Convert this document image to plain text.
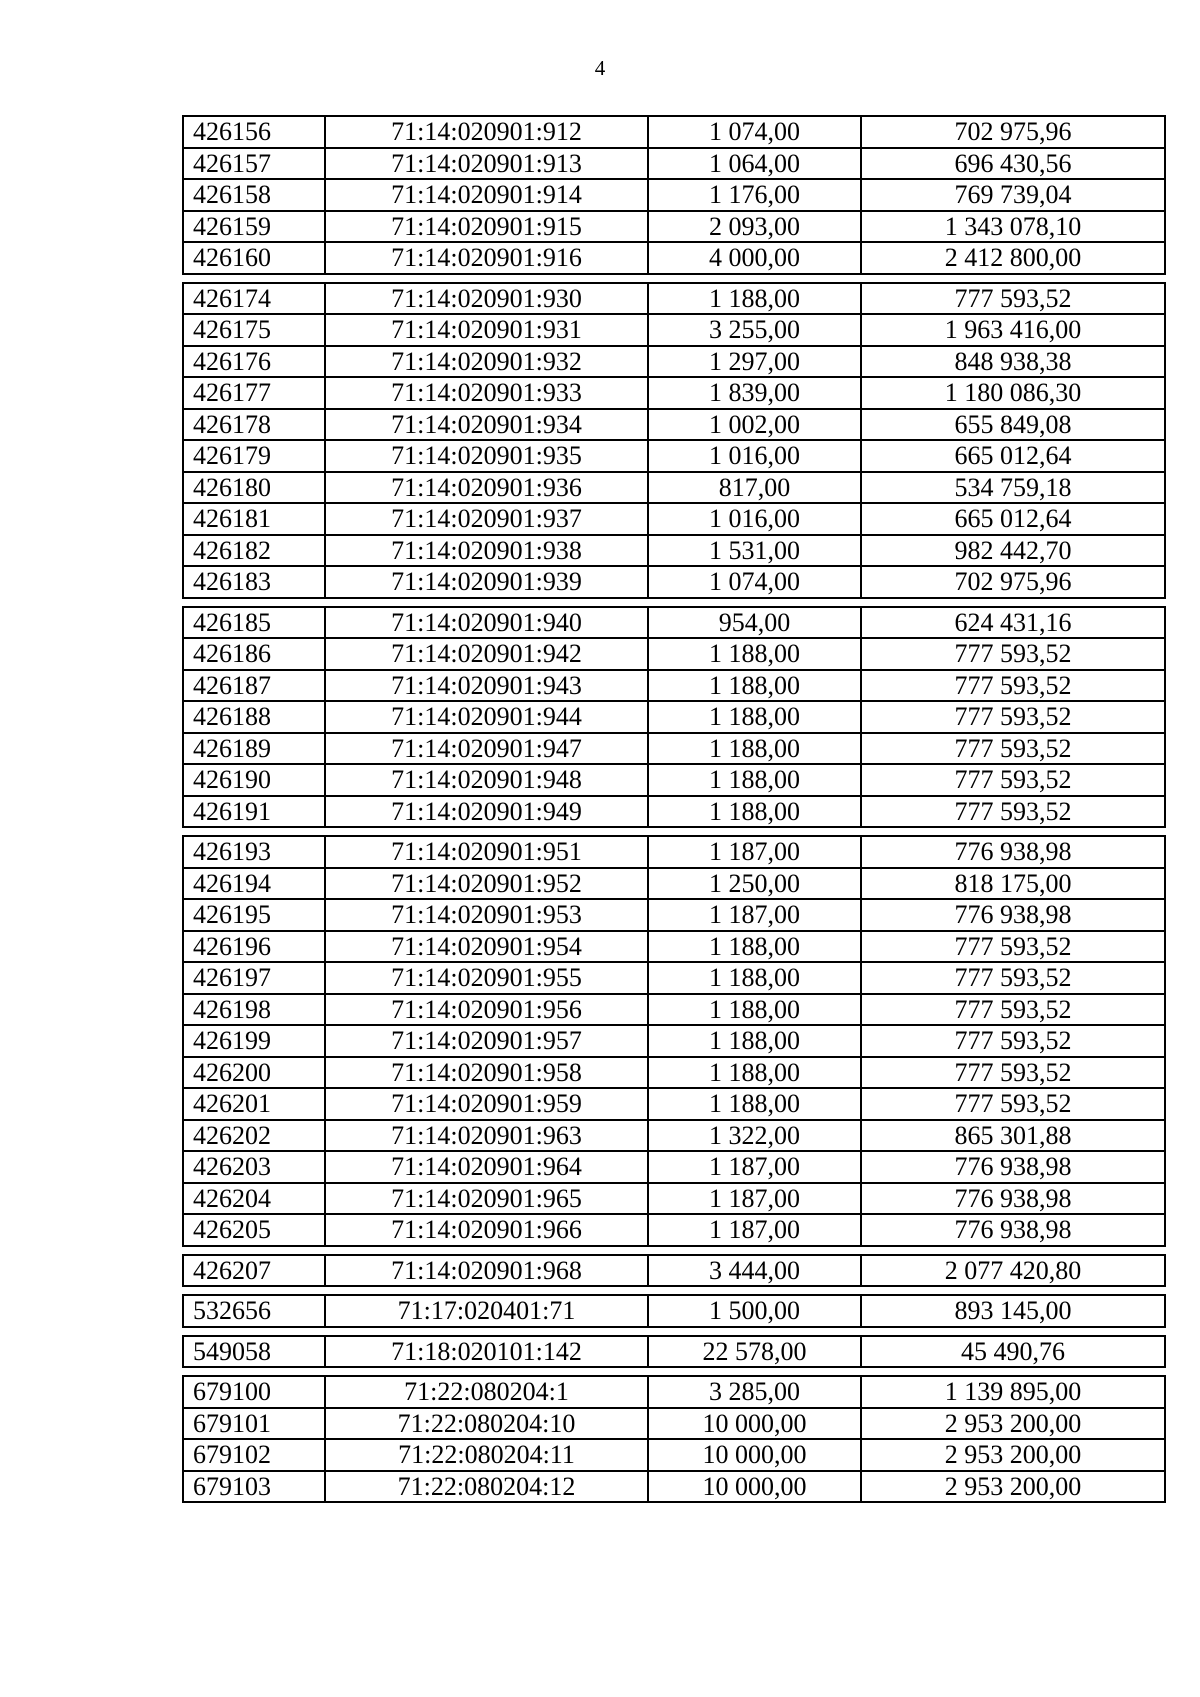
4
426156	71:14:020901:912	1 074,00	702 975,96
426157	71:14:020901:913	1 064,00	696 430,56
426158	71:14:020901:914	1 176,00	769 739,04
426159	71:14:020901:915	2 093,00	1 343 078,10
426160	71:14:020901:916	4 000,00	2 412 800,00
426174	71:14:020901:930	1 188,00	777 593,52
426175	71:14:020901:931	3 255,00	1 963 416,00
426176	71:14:020901:932	1 297,00	848 938,38
426177	71:14:020901:933	1 839,00	1 180 086,30
426178	71:14:020901:934	1 002,00	655 849,08
426179	71:14:020901:935	1 016,00	665 012,64
426180	71:14:020901:936	817,00	534 759,18
426181	71:14:020901:937	1 016,00	665 012,64
426182	71:14:020901:938	1 531,00	982 442,70
426183	71:14:020901:939	1 074,00	702 975,96
426185	71:14:020901:940	954,00	624 431,16
426186	71:14:020901:942	1 188,00	777 593,52
426187	71:14:020901:943	1 188,00	777 593,52
426188	71:14:020901:944	1 188,00	777 593,52
426189	71:14:020901:947	1 188,00	777 593,52
426190	71:14:020901:948	1 188,00	777 593,52
426191	71:14:020901:949	1 188,00	777 593,52
426193	71:14:020901:951	1 187,00	776 938,98
426194	71:14:020901:952	1 250,00	818 175,00
426195	71:14:020901:953	1 187,00	776 938,98
426196	71:14:020901:954	1 188,00	777 593,52
426197	71:14:020901:955	1 188,00	777 593,52
426198	71:14:020901:956	1 188,00	777 593,52
426199	71:14:020901:957	1 188,00	777 593,52
426200	71:14:020901:958	1 188,00	777 593,52
426201	71:14:020901:959	1 188,00	777 593,52
426202	71:14:020901:963	1 322,00	865 301,88
426203	71:14:020901:964	1 187,00	776 938,98
426204	71:14:020901:965	1 187,00	776 938,98
426205	71:14:020901:966	1 187,00	776 938,98
426207	71:14:020901:968	3 444,00	2 077 420,80
532656	71:17:020401:71	1 500,00	893 145,00
549058	71:18:020101:142	22 578,00	45 490,76
679100	71:22:080204:1	3 285,00	1 139 895,00
679101	71:22:080204:10	10 000,00	2 953 200,00
679102	71:22:080204:11	10 000,00	2 953 200,00
679103	71:22:080204:12	10 000,00	2 953 200,00
